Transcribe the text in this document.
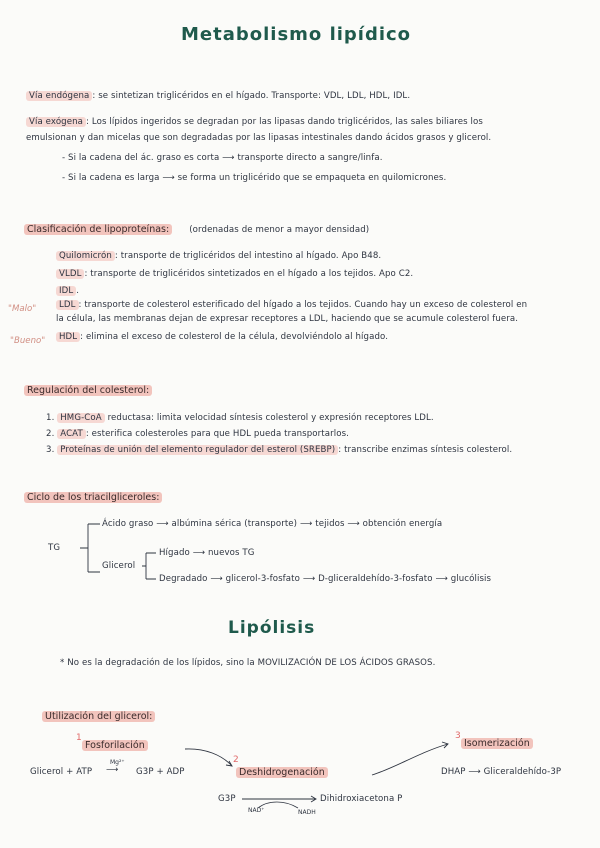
Metabolismo lipídico
Vía endógena : se sintetizan triglicéridos en el hígado. Transporte: VDL, LDL, HDL, IDL.
Vía exógena : Los lípidos ingeridos se degradan por las lipasas dando triglicéridos, las sales biliares los
emulsionan y dan micelas que son degradadas por las lipasas intestinales dando ácidos grasos y glicerol.
- Si la cadena del ác. graso es corta ⟶ transporte directo a sangre/linfa.
- Si la cadena es larga ⟶ se forma un triglicérido que se empaqueta en quilomicrones.
Clasificación de lipoproteínas: (ordenadas de menor a mayor densidad)
Quilomicrón : transporte de triglicéridos del intestino al hígado. Apo B48.
VLDL : transporte de triglicéridos sintetizados en el hígado a los tejidos. Apo C2.
IDL .
"Malo"	LDL : transporte de colesterol esterificado del hígado a los tejidos. Cuando hay un exceso de colesterol en
la célula, las membranas dejan de expresar receptores a LDL, haciendo que se acumule colesterol fuera.
"Bueno"	HDL : elimina el exceso de colesterol de la célula, devolviéndolo al hígado.
Regulación del colesterol:
1. HMG-CoA reductasa: limita velocidad síntesis colesterol y expresión receptores LDL.
2. ACAT : esterifica colesteroles para que HDL pueda transportarlos.
3. Proteínas de unión del elemento regulador del esterol (SREBP) : transcribe enzimas síntesis colesterol.
Ciclo de los triacilgliceroles:
TG
Ácido graso ⟶ albúmina sérica (transporte) ⟶ tejidos ⟶ obtención energía
Glicerol
Hígado ⟶ nuevos TG
Degradado ⟶ glicerol-3-fosfato ⟶ D-gliceraldehído-3-fosfato ⟶ glucólisis
Lipólisis
* No es la degradación de los lípidos, sino la MOVILIZACIÓN DE LOS ÁCIDOS GRASOS.
Utilización del glicerol:
1
Fosforilación
2
Deshidrogenación
3
Isomerización
Glicerol + ATP
Mg²⁺
⟶ G3P + ADP
G3P	Dihidroxiacetona P
NAD⁺	NADH
DHAP ⟶ Gliceraldehído-3P
